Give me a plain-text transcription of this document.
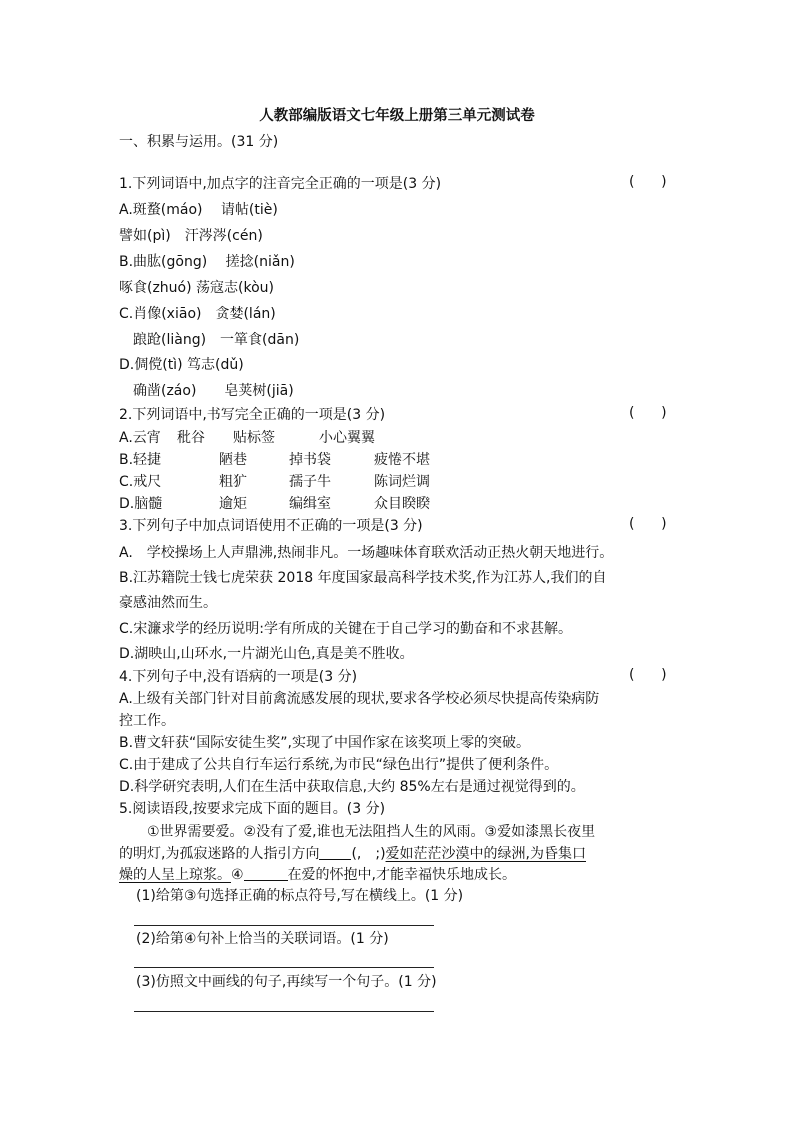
人教部编版语文七年级上册第三单元测试卷
一、积累与运用。(31 分)
1.下列词语中,加点字的注音完全正确的一项是(3 分)	(      )
A.斑蝥(máo)　 请帖(tiè)
譬如(pì)　汗涔涔(cén)
B.曲肱(gōng)　 搓捻(niǎn)
啄食(zhuó) 荡寇志(kòu)
C.肖像(xiāo)　贪婪(lán)
　踉跄(liàng)　一箪食(dān)
D.倜傥(tì) 笃志(dǔ)
　确凿(záo)　　皂荚树(jiā)
2.下列词语中,书写完全正确的一项是(3 分)	(      )
A.云宵	秕谷	贴标签	小心翼翼
B.轻捷	陋巷	掉书袋	疲惓不堪
C.戒尺	粗犷	孺子牛	陈词烂调
D.脑髓	逾矩	编缉室	众目睽睽
3.下列句子中加点词语使用不正确的一项是(3 分)	(      )
A.　学校操场上人声鼎沸,热闹非凡。一场趣味体育联欢活动正热火朝天地进行。
B.江苏籍院士钱七虎荣获 2018 年度国家最高科学技术奖,作为江苏人,我们的自
豪感油然而生。
C.宋濂求学的经历说明:学有所成的关键在于自己学习的勤奋和不求甚解。
D.湖映山,山环水,一片湖光山色,真是美不胜收。
4.下列句子中,没有语病的一项是(3 分)	(      )
A.上级有关部门针对目前禽流感发展的现状,要求各学校必须尽快提高传染病防
控工作。
B.曹文轩获“国际安徒生奖”,实现了中国作家在该奖项上零的突破。
C.由于建成了公共自行车运行系统,为市民“绿色出行”提供了便利条件。
D.科学研究表明,人们在生活中获取信息,大约 85%左右是通过视觉得到的。
5.阅读语段,按要求完成下面的题目。(3 分)
　　①世界需要爱。②没有了爱,谁也无法阻挡人生的风雨。③爱如漆黑长夜里
的明灯,为孤寂迷路的人指引方向 (,　;)爱如茫茫沙漠中的绿洲,为昏集口
燥的人呈上琼浆。④	在爱的怀抱中,才能幸福快乐地成长。
(1)给第③句选择正确的标点符号,写在横线上。(1 分)
(2)给第④句补上恰当的关联词语。(1 分)
(3)仿照文中画线的句子,再续写一个句子。(1 分)
